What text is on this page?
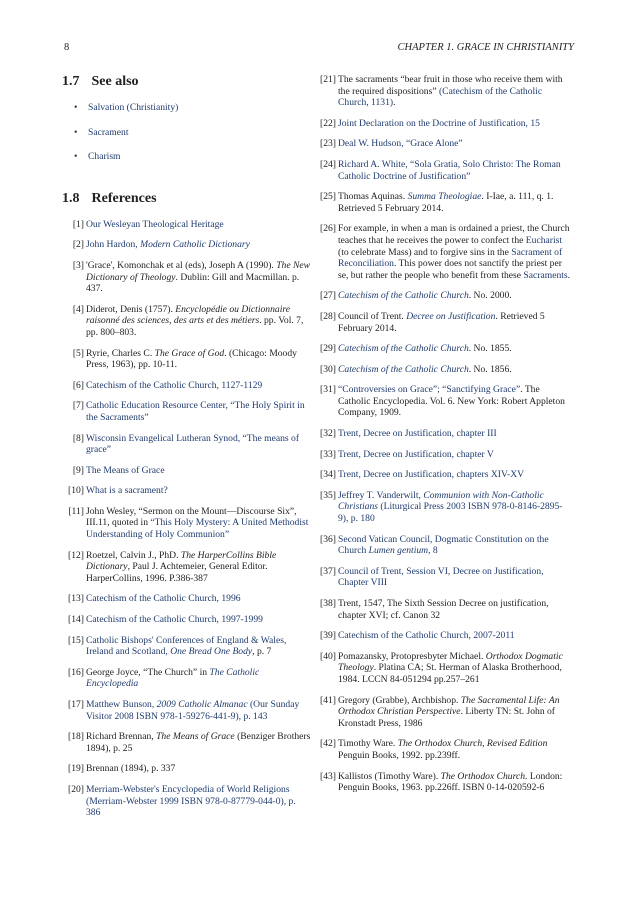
8	CHAPTER 1. GRACE IN CHRISTIANITY
1.7 See also
• Salvation (Christianity)
• Sacrament
• Charism
1.8 References
[1] Our Wesleyan Theological Heritage
[2] John Hardon, Modern Catholic Dictionary
[3] 'Grace', Komonchak et al (eds), Joseph A (1990). The New Dictionary of Theology. Dublin: Gill and Macmillan. p. 437.
[4] Diderot, Denis (1757). Encyclopédie ou Dictionnaire raisonné des sciences, des arts et des métiers. pp. Vol. 7, pp. 800–803.
[5] Ryrie, Charles C. The Grace of God. (Chicago: Moody Press, 1963), pp. 10-11.
[6] Catechism of the Catholic Church, 1127-1129
[7] Catholic Education Resource Center, “The Holy Spirit in the Sacraments”
[8] Wisconsin Evangelical Lutheran Synod, “The means of grace”
[9] The Means of Grace
[10] What is a sacrament?
[11] John Wesley, “Sermon on the Mount—Discourse Six”, III.11, quoted in “This Holy Mystery: A United Methodist Understanding of Holy Communion”
[12] Roetzel, Calvin J., PhD. The HarperCollins Bible Dictionary, Paul J. Achtemeier, General Editor. HarperCollins, 1996. P.386-387
[13] Catechism of the Catholic Church, 1996
[14] Catechism of the Catholic Church, 1997-1999
[15] Catholic Bishops' Conferences of England & Wales, Ireland and Scotland, One Bread One Body, p. 7
[16] George Joyce, “The Church” in The Catholic Encyclopedia
[17] Matthew Bunson, 2009 Catholic Almanac (Our Sunday Visitor 2008 ISBN 978-1-59276-441-9), p. 143
[18] Richard Brennan, The Means of Grace (Benziger Brothers 1894), p. 25
[19] Brennan (1894), p. 337
[20] Merriam-Webster's Encyclopedia of World Religions (Merriam-Webster 1999 ISBN 978-0-87779-044-0), p. 386
[21] The sacraments “bear fruit in those who receive them with the required dispositions” (Catechism of the Catholic Church, 1131).
[22] Joint Declaration on the Doctrine of Justification, 15
[23] Deal W. Hudson, “Grace Alone”
[24] Richard A. White, “Sola Gratia, Solo Christo: The Roman Catholic Doctrine of Justification”
[25] Thomas Aquinas. Summa Theologiae. I-Iae, a. 111, q. 1. Retrieved 5 February 2014.
[26] For example, in when a man is ordained a priest, the Church teaches that he receives the power to confect the Eucharist (to celebrate Mass) and to forgive sins in the Sacrament of Reconciliation. This power does not sanctify the priest per se, but rather the people who benefit from these Sacraments.
[27] Catechism of the Catholic Church. No. 2000.
[28] Council of Trent. Decree on Justification. Retrieved 5 February 2014.
[29] Catechism of the Catholic Church. No. 1855.
[30] Catechism of the Catholic Church. No. 1856.
[31] “Controversies on Grace”; “Sanctifying Grace”. The Catholic Encyclopedia. Vol. 6. New York: Robert Appleton Company, 1909.
[32] Trent, Decree on Justification, chapter III
[33] Trent, Decree on Justification, chapter V
[34] Trent, Decree on Justification, chapters XIV-XV
[35] Jeffrey T. Vanderwilt, Communion with Non-Catholic Christians (Liturgical Press 2003 ISBN 978-0-8146-2895-9), p. 180
[36] Second Vatican Council, Dogmatic Constitution on the Church Lumen gentium, 8
[37] Council of Trent, Session VI, Decree on Justification, Chapter VIII
[38] Trent, 1547, The Sixth Session Decree on justification, chapter XVI; cf. Canon 32
[39] Catechism of the Catholic Church, 2007-2011
[40] Pomazansky, Protopresbyter Michael. Orthodox Dogmatic Theology. Platina CA; St. Herman of Alaska Brotherhood, 1984. LCCN 84-051294 pp.257–261
[41] Gregory (Grabbe), Archbishop. The Sacramental Life: An Orthodox Christian Perspective. Liberty TN: St. John of Kronstadt Press, 1986
[42] Timothy Ware. The Orthodox Church, Revised Edition Penguin Books, 1992. pp.239ff.
[43] Kallistos (Timothy Ware). The Orthodox Church. London: Penguin Books, 1963. pp.226ff. ISBN 0-14-020592-6
